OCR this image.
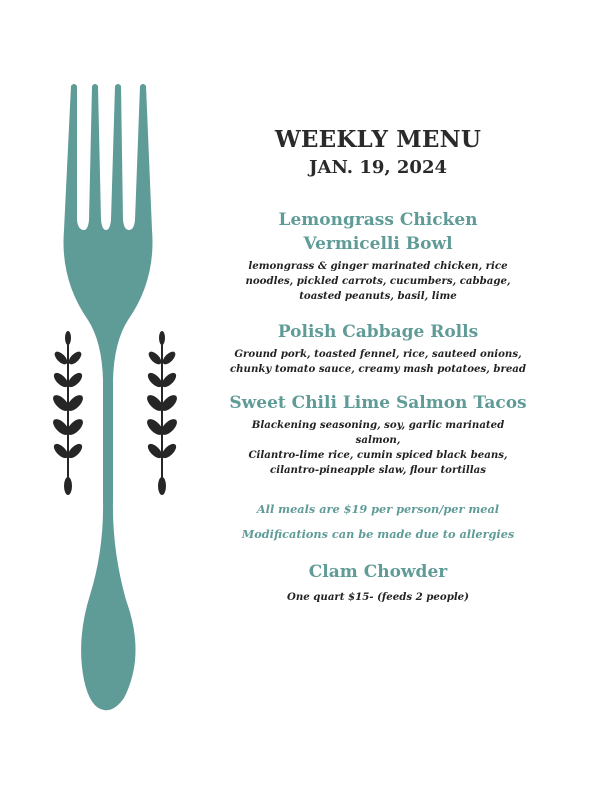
WEEKLY MENU
JAN. 19, 2024

Lemongrass Chicken
Vermicelli Bowl

lemongrass & ginger marinated chicken, rice
noodles, pickled carrots, cucumbers, cabbage,
toasted peanuts, basil, lime

Polish Cabbage Rolls

Ground pork, toasted fennel, rice, sauteed onions,
chunky tomato sauce, creamy mash potatoes, bread

Sweet Chili Lime Salmon Tacos

Blackening seasoning, soy, garlic marinated salmon,
Cilantro-lime rice, cumin spiced black beans,
cilantro-pineapple slaw, flour tortillas

All meals are $19 per person/per meal

Modifications can be made due to allergies

Clam Chowder

One quart $15- (feeds 2 people)
